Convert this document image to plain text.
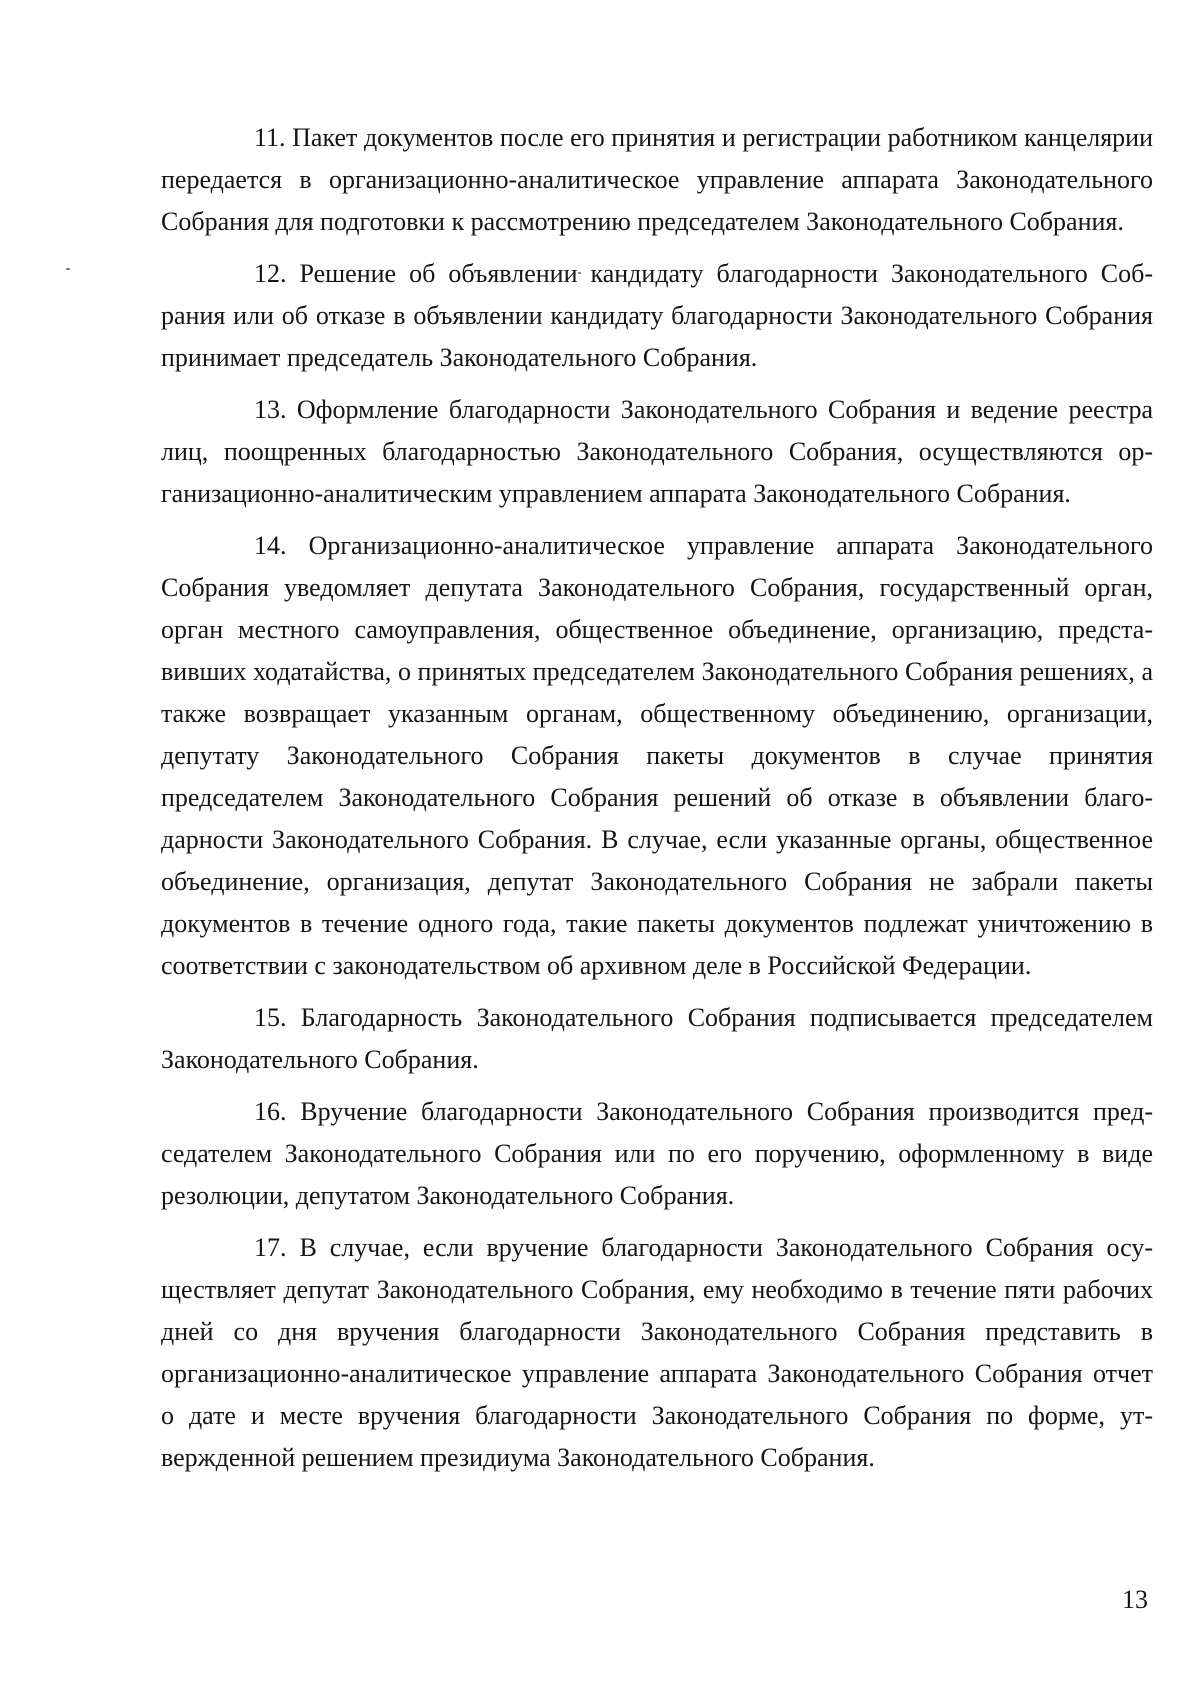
11. Пакет документов после его принятия и регистрации работником канцелярии передается в организационно-аналитическое управление аппарата Законодательного Собрания для подготовки к рассмотрению председателем Законодательного Собрания.

12. Решение об объявлении кандидату благодарности Законодательного Собрания или об отказе в объявлении кандидату благодарности Законодательного Собрания принимает председатель Законодательного Собрания.

13. Оформление благодарности Законодательного Собрания и ведение реестра лиц, поощренных благодарностью Законодательного Собрания, осуществляются организационно-аналитическим управлением аппарата Законодательного Собрания.

14. Организационно-аналитическое управление аппарата Законодательного Собрания уведомляет депутата Законодательного Собрания, государственный орган, орган местного самоуправления, общественное объединение, организацию, представивших ходатайства, о принятых председателем Законодательного Собрания решениях, а также возвращает указанным органам, общественному объединению, организации, депутату Законодательного Собрания пакеты документов в случае принятия председателем Законодательного Собрания решений об отказе в объявлении благодарности Законодательного Собрания. В случае, если указанные органы, общественное объединение, организация, депутат Законодательного Собрания не забрали пакеты документов в течение одного года, такие пакеты документов подлежат уничтожению в соответствии с законодательством об архивном деле в Российской Федерации.

15. Благодарность Законодательного Собрания подписывается председателем Законодательного Собрания.

16. Вручение благодарности Законодательного Собрания производится председателем Законодательного Собрания или по его поручению, оформленному в виде резолюции, депутатом Законодательного Собрания.

17. В случае, если вручение благодарности Законодательного Собрания осуществляет депутат Законодательного Собрания, ему необходимо в течение пяти рабочих дней со дня вручения благодарности Законодательного Собрания представить в организационно-аналитическое управление аппарата Законодательного Собрания отчет о дате и месте вручения благодарности Законодательного Собрания по форме, утвержденной решением президиума Законодательного Собрания.

13
